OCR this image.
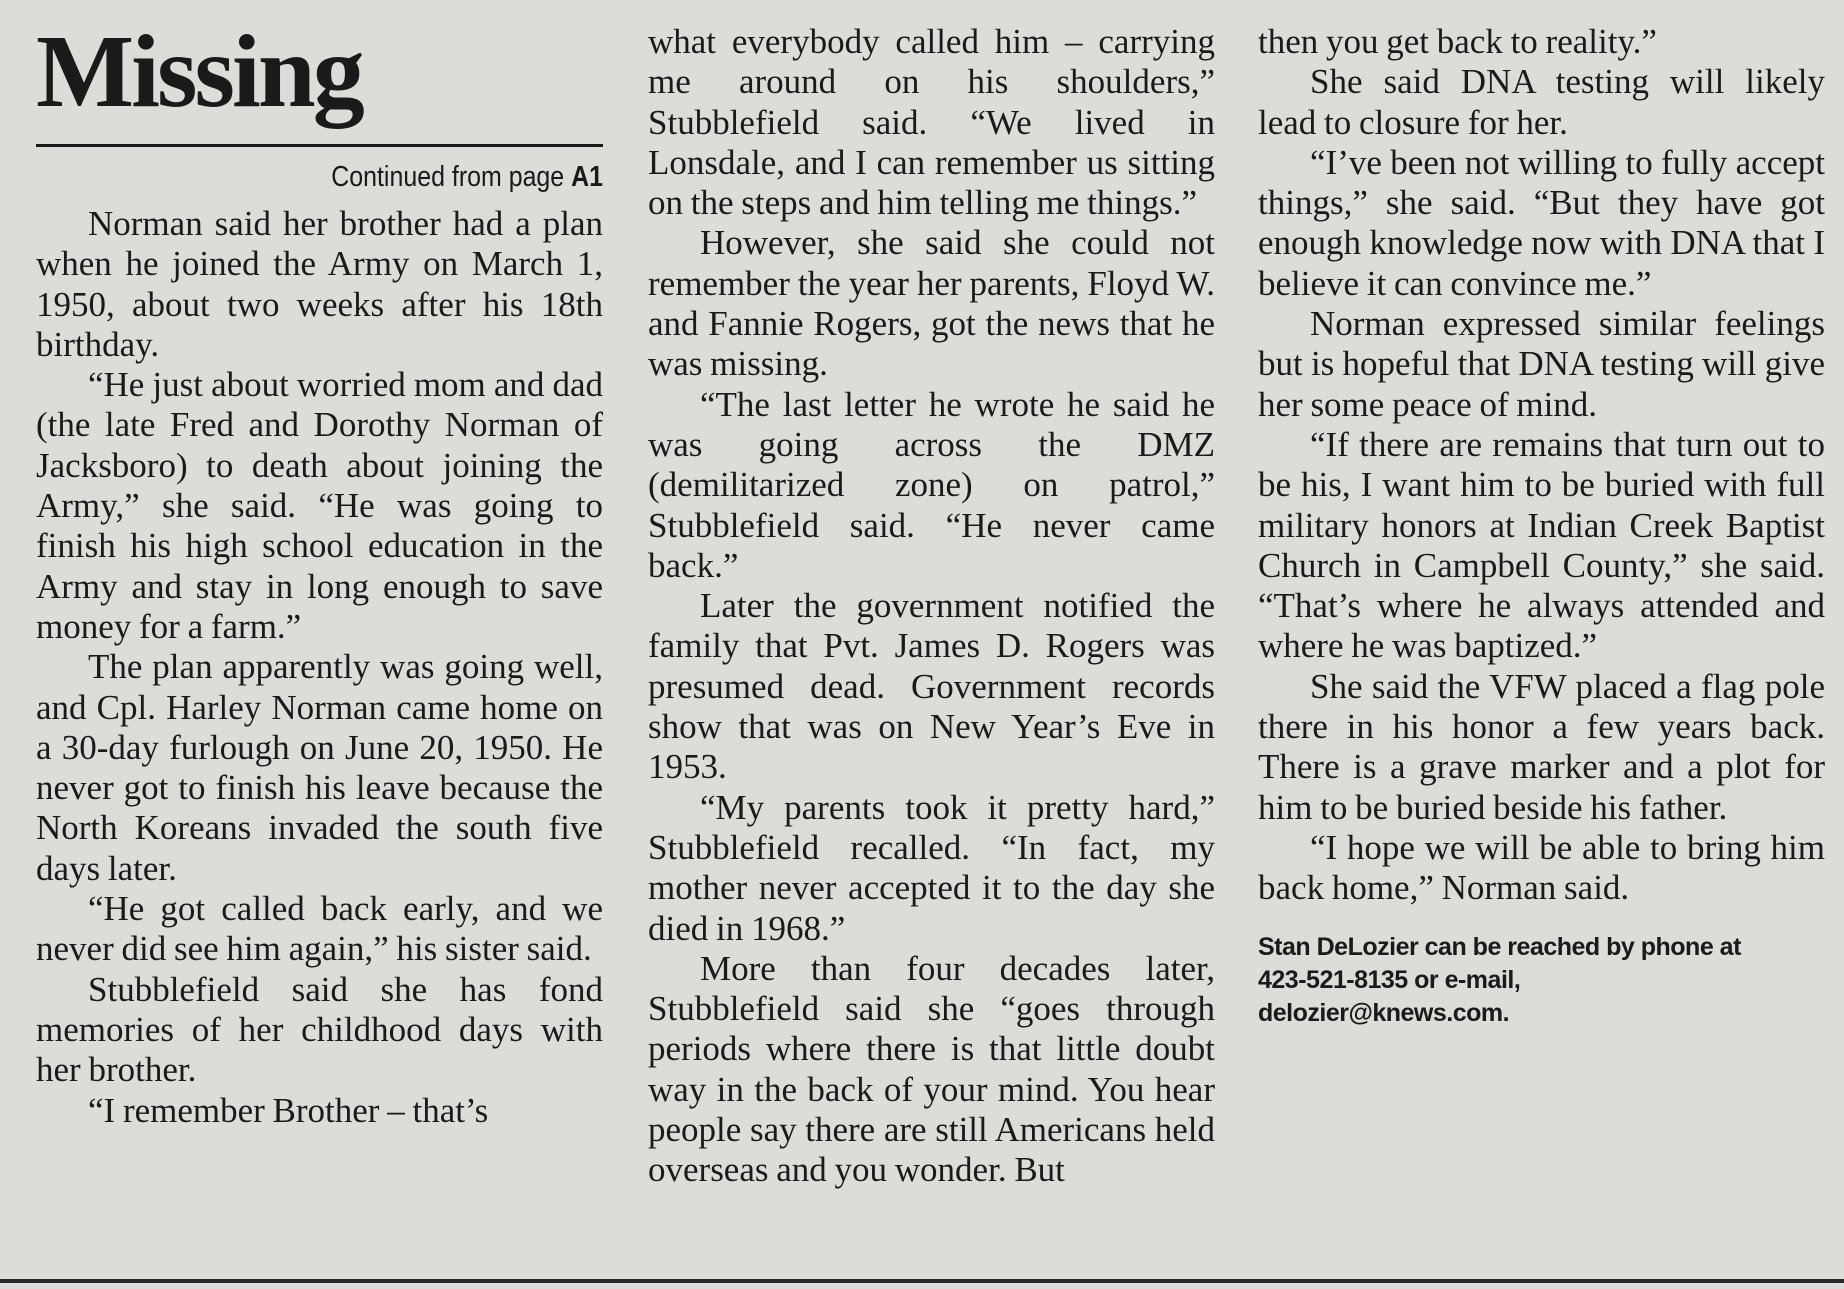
Missing
Continued from page A1

Norman said her brother had a plan when he joined the Army on March 1, 1950, about two weeks after his 18th birthday.

“He just about worried mom and dad (the late Fred and Dorothy Norman of Jacksboro) to death about joining the Army,” she said. “He was going to finish his high school education in the Army and stay in long enough to save money for a farm.”

The plan apparently was going well, and Cpl. Harley Norman came home on a 30-day furlough on June 20, 1950. He never got to finish his leave because the North Koreans invaded the south five days later.

“He got called back early, and we never did see him again,” his sister said.

Stubblefield said she has fond memories of her childhood days with her brother.

“I remember Brother – that’s

what everybody called him – carrying me around on his shoulders,” Stubblefield said. “We lived in Lonsdale, and I can remember us sitting on the steps and him telling me things.”

However, she said she could not remember the year her parents, Floyd W. and Fannie Rogers, got the news that he was missing.

“The last letter he wrote he said he was going across the DMZ (demilitarized zone) on patrol,” Stubblefield said. “He never came back.”

Later the government notified the family that Pvt. James D. Rogers was presumed dead. Government records show that was on New Year’s Eve in 1953.

“My parents took it pretty hard,” Stubblefield recalled. “In fact, my mother never accepted it to the day she died in 1968.”

More than four decades later, Stubblefield said she “goes through periods where there is that little doubt way in the back of your mind. You hear people say there are still Americans held overseas and you wonder. But

then you get back to reality.”

She said DNA testing will likely lead to closure for her.

“I’ve been not willing to fully accept things,” she said. “But they have got enough knowledge now with DNA that I believe it can convince me.”

Norman expressed similar feelings but is hopeful that DNA testing will give her some peace of mind.

“If there are remains that turn out to be his, I want him to be buried with full military honors at Indian Creek Baptist Church in Campbell County,” she said. “That’s where he always attended and where he was baptized.”

She said the VFW placed a flag pole there in his honor a few years back. There is a grave marker and a plot for him to be buried beside his father.

“I hope we will be able to bring him back home,” Norman said.

Stan DeLozier can be reached by phone at
423-521-8135 or e-mail,
delozier@knews.com.
